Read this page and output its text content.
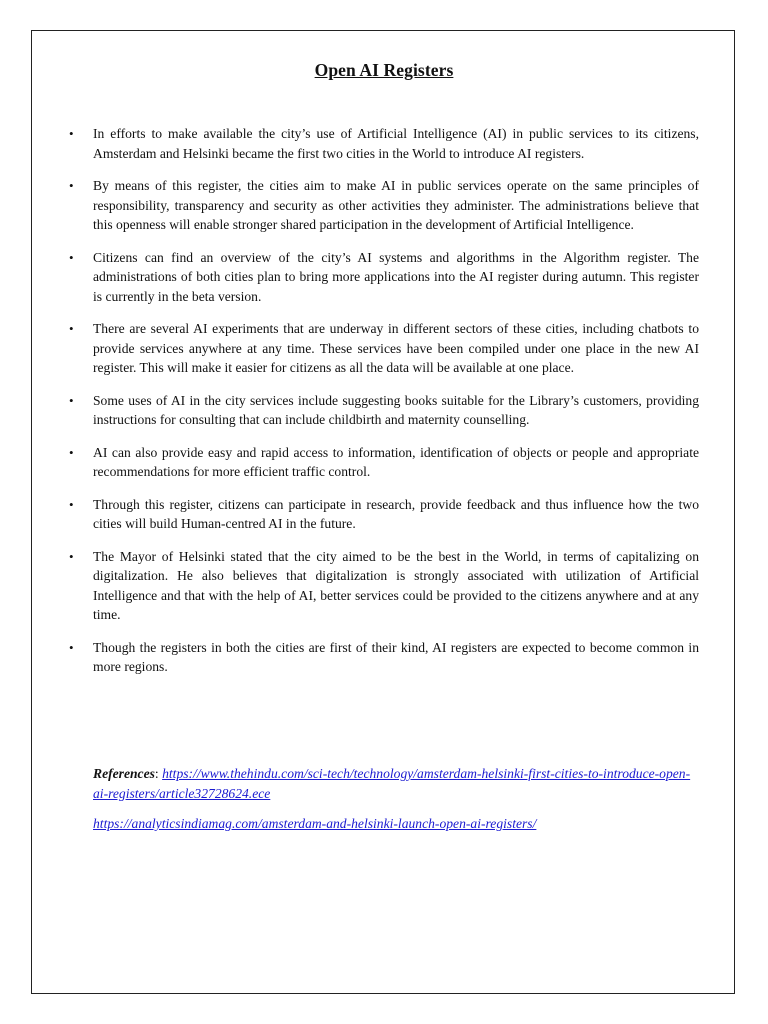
Open AI Registers
• In efforts to make available the city’s use of Artificial Intelligence (AI) in public services to its citizens, Amsterdam and Helsinki became the first two cities in the World to introduce AI registers.
• By means of this register, the cities aim to make AI in public services operate on the same principles of responsibility, transparency and security as other activities they administer. The administrations believe that this openness will enable stronger shared participation in the development of Artificial Intelligence.
• Citizens can find an overview of the city’s AI systems and algorithms in the Algorithm register. The administrations of both cities plan to bring more applications into the AI register during autumn. This register is currently in the beta version.
• There are several AI experiments that are underway in different sectors of these cities, including chatbots to provide services anywhere at any time. These services have been compiled under one place in the new AI register. This will make it easier for citizens as all the data will be available at one place.
• Some uses of AI in the city services include suggesting books suitable for the Library’s customers, providing instructions for consulting that can include childbirth and maternity counselling.
• AI can also provide easy and rapid access to information, identification of objects or people and appropriate recommendations for more efficient traffic control.
• Through this register, citizens can participate in research, provide feedback and thus influence how the two cities will build Human-centred AI in the future.
• The Mayor of Helsinki stated that the city aimed to be the best in the World, in terms of capitalizing on digitalization. He also believes that digitalization is strongly associated with utilization of Artificial Intelligence and that with the help of AI, better services could be provided to the citizens anywhere and at any time.
• Though the registers in both the cities are first of their kind, AI registers are expected to become common in more regions.
References: https://www.thehindu.com/sci-tech/technology/amsterdam-helsinki-first-cities-to-introduce-open-ai-registers/article32728624.ece
https://analyticsindiamag.com/amsterdam-and-helsinki-launch-open-ai-registers/
